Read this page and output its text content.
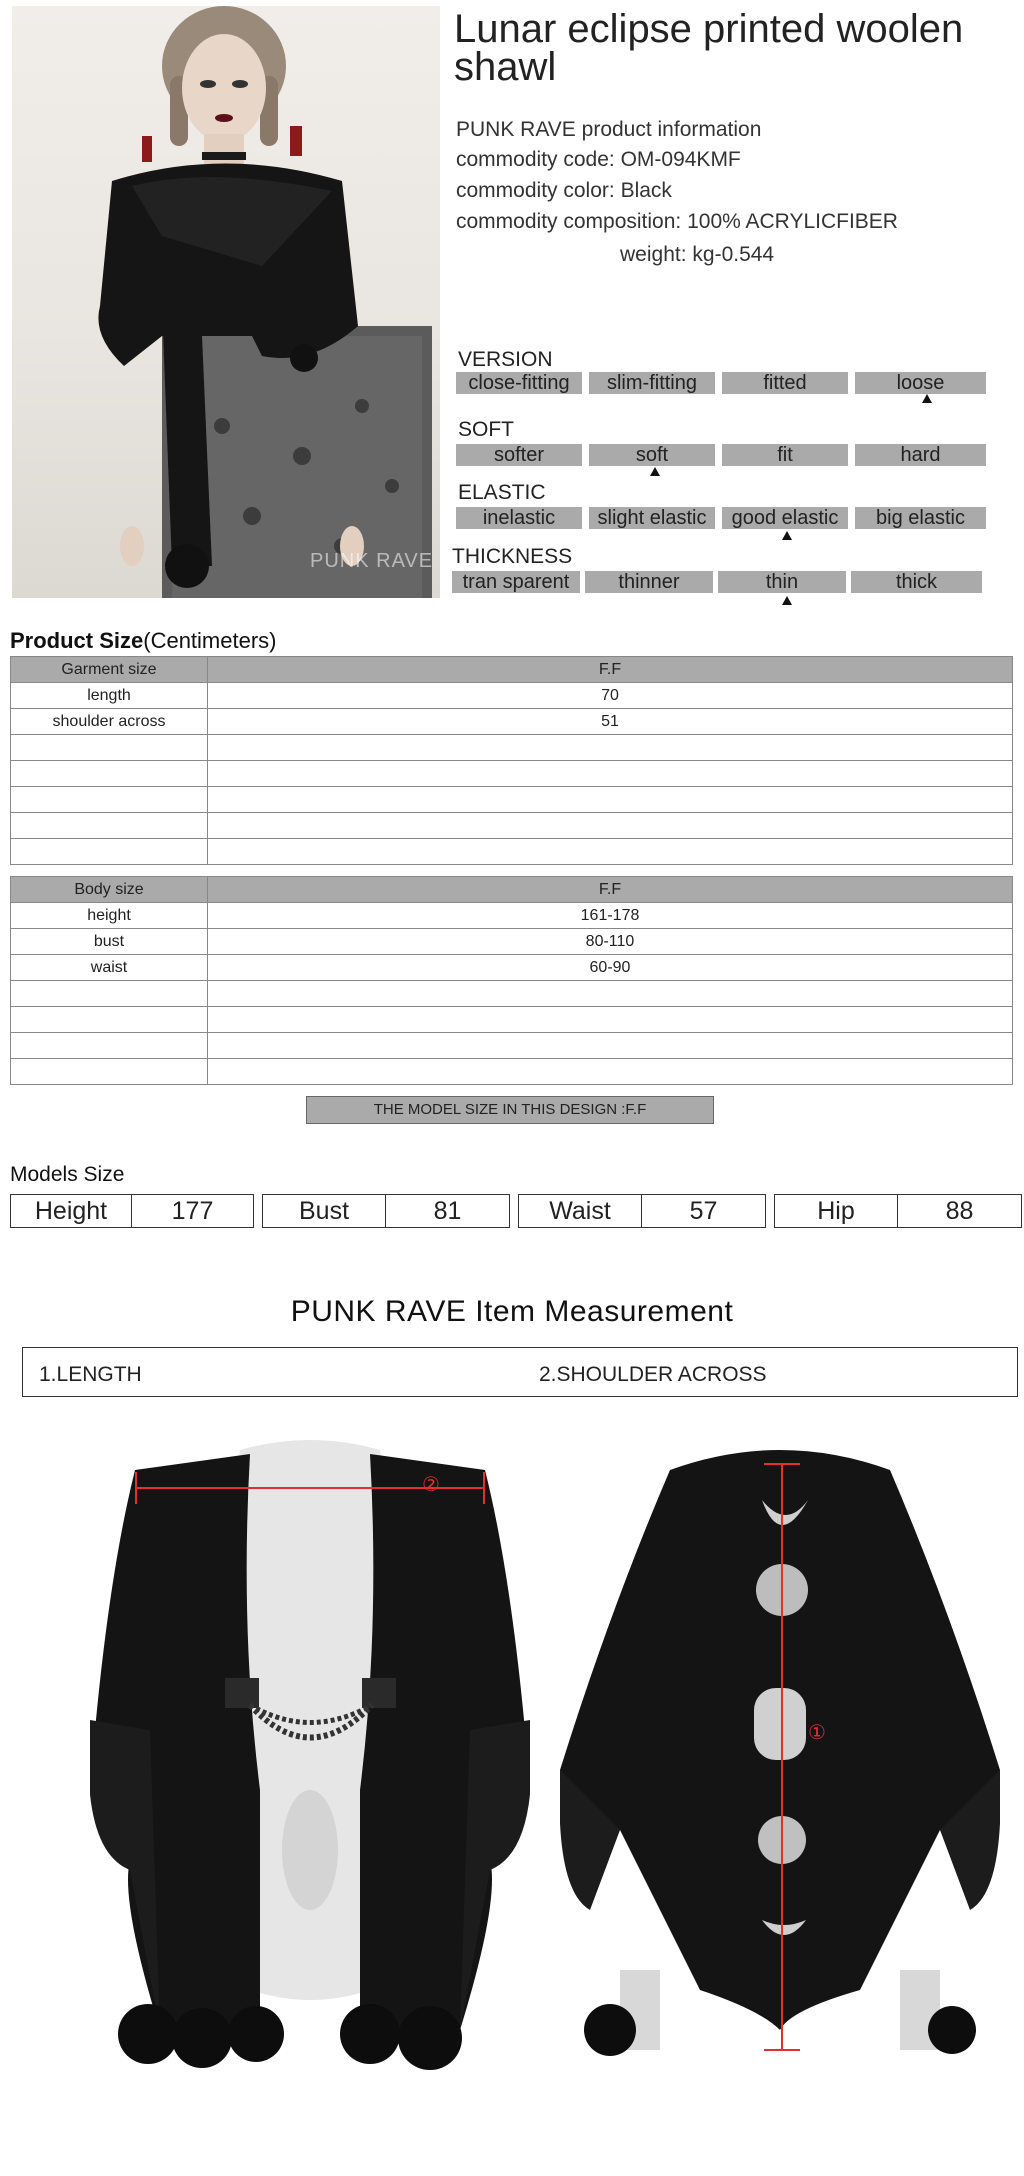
PUNK RAVE
Lunar eclipse printed woolen shawl
PUNK RAVE product information
commodity code: OM-094KMF
commodity color: Black
commodity composition: 100% ACRYLICFIBER
weight: kg-0.544
VERSION
close-fitting	slim-fitting	fitted	loose
SOFT
softer	soft	fit	hard
ELASTIC
inelastic	slight elastic	good elastic	big elastic
THICKNESS
tran sparent	thinner	thin	thick
Product Size(Centimeters)
Garment size	F.F
length	70
shoulder across	51

Body size	F.F
height	161-178
bust	80-110
waist	60-90

THE MODEL SIZE IN THIS DESIGN :F.F
Models Size
Height	177	Bust	81	Waist	57	Hip	88
PUNK RAVE Item Measurement
1.LENGTH	2.SHOULDER ACROSS
②
①
